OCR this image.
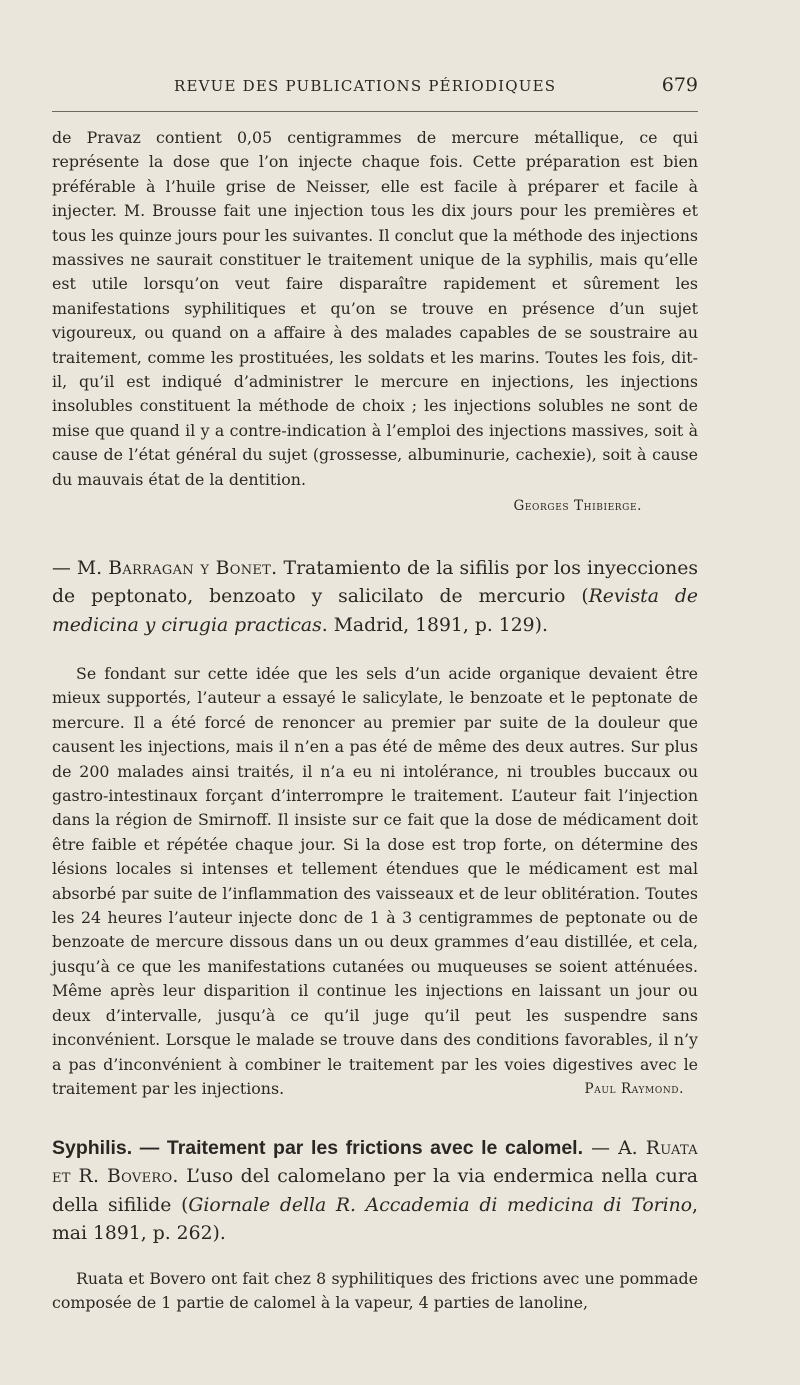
REVUE DES PUBLICATIONS PÉRIODIQUES	679

de Pravaz contient 0,05 centigrammes de mercure métallique, ce qui représente la dose que l’on injecte chaque fois. Cette préparation est bien préférable à l’huile grise de Neisser, elle est facile à préparer et facile à injecter. M. Brousse fait une injection tous les dix jours pour les premières et tous les quinze jours pour les suivantes. Il conclut que la méthode des injections massives ne saurait constituer le traitement unique de la syphilis, mais qu’elle est utile lorsqu’on veut faire disparaître rapidement et sûrement les manifestations syphilitiques et qu’on se trouve en présence d’un sujet vigoureux, ou quand on a affaire à des malades capables de se soustraire au traitement, comme les prostituées, les soldats et les marins. Toutes les fois, dit-il, qu’il est indiqué d’administrer le mercure en injections, les injections insolubles constituent la méthode de choix ; les injections solubles ne sont de mise que quand il y a contre-indication à l’emploi des injections massives, soit à cause de l’état général du sujet (grossesse, albuminurie, cachexie), soit à cause du mauvais état de la dentition.

Georges Thibierge.

— M. Barragan y Bonet. Tratamiento de la sifilis por los inyecciones de peptonato, benzoato y salicilato de mercurio (Revista de medicina y cirugia practicas. Madrid, 1891, p. 129).

Se fondant sur cette idée que les sels d’un acide organique devaient être mieux supportés, l’auteur a essayé le salicylate, le benzoate et le peptonate de mercure. Il a été forcé de renoncer au premier par suite de la douleur que causent les injections, mais il n’en a pas été de même des deux autres. Sur plus de 200 malades ainsi traités, il n’a eu ni intolérance, ni troubles buccaux ou gastro-intestinaux forçant d’interrompre le traitement. L’auteur fait l’injection dans la région de Smirnoff. Il insiste sur ce fait que la dose de médicament doit être faible et répétée chaque jour. Si la dose est trop forte, on détermine des lésions locales si intenses et tellement étendues que le médicament est mal absorbé par suite de l’inflammation des vaisseaux et de leur oblitération. Toutes les 24 heures l’auteur injecte donc de 1 à 3 centigrammes de peptonate ou de benzoate de mercure dissous dans un ou deux grammes d’eau distillée, et cela, jusqu’à ce que les manifestations cutanées ou muqueuses se soient atténuées. Même après leur disparition il continue les injections en laissant un jour ou deux d’intervalle, jusqu’à ce qu’il juge qu’il peut les suspendre sans inconvénient. Lorsque le malade se trouve dans des conditions favorables, il n’y a pas d’inconvénient à combiner le traitement par les voies digestives avec le traitement par les injections.	Paul Raymond.

Syphilis. — Traitement par les frictions avec le calomel. — A. Ruata et R. Bovero. L’uso del calomelano per la via endermica nella cura della sifilide (Giornale della R. Accademia di medicina di Torino, mai 1891, p. 262).

Ruata et Bovero ont fait chez 8 syphilitiques des frictions avec une pommade composée de 1 partie de calomel à la vapeur, 4 parties de lanoline,
